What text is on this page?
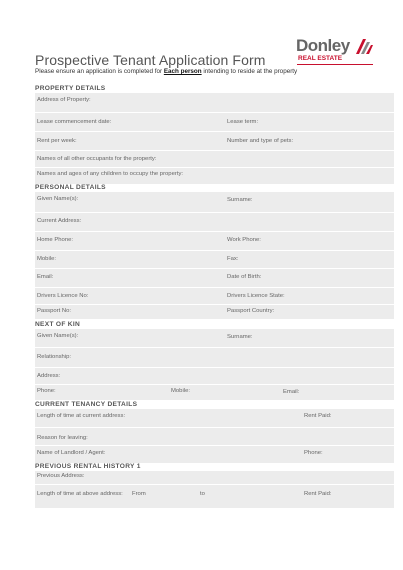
Prospective Tenant Application Form
Please ensure an application is completed for Each person intending to reside at the property
Donley
REAL ESTATE
PROPERTY DETAILS
Address of Property:
Lease commencement date:	Lease term:
Rent per week:	Number and type of pets:
Names of all other occupants for the property:
Names and ages of any children to occupy the property:
PERSONAL DETAILS
Given Name(s):	Surname:
Current Address:
Home Phone:	Work Phone:
Mobile:	Fax:
Email:	Date of Birth:
Drivers Licence No:	Drivers Licence State:
Passport No:	Passport Country:
NEXT OF KIN
Given Name(s):	Surname:
Relationship:
Address:
Phone:	Mobile:	Email:
CURRENT TENANCY DETAILS
Length of time at current address:	Rent Paid:
Reason for leaving:
Name of Landlord / Agent:	Phone:
PREVIOUS RENTAL HISTORY 1
Previous Address:
Length of time at above address: From	to	Rent Paid:
